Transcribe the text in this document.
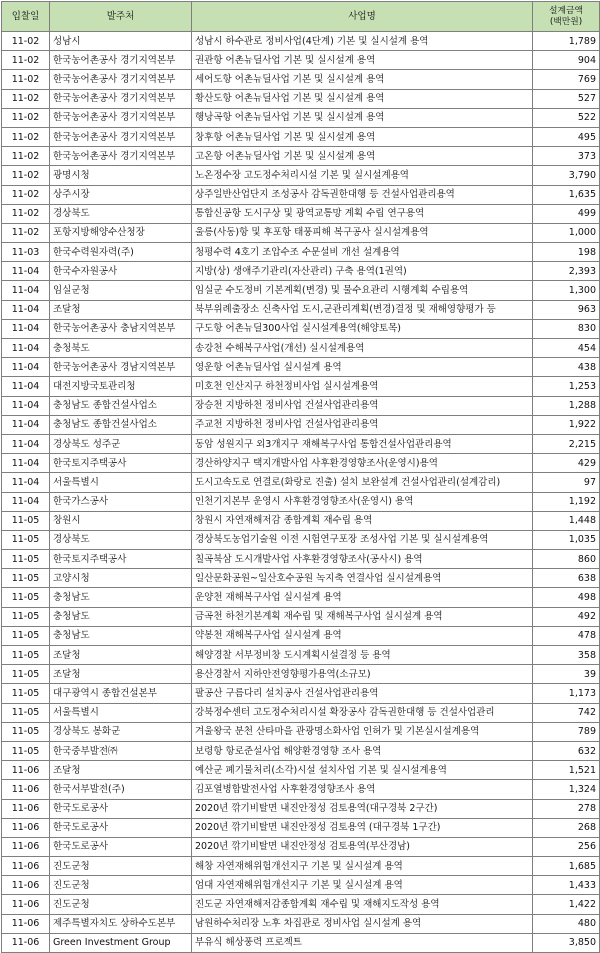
입찰일	발주처	사업명	설계금액
(백만원)
11-02	성남시	성남시 하수관로 정비사업(4단계) 기본 및 실시설계 용역	1,789
11-02	한국농어촌공사 경기지역본부	권관항 어촌뉴딜사업 기본 및 실시설계 용역	904
11-02	한국농어촌공사 경기지역본부	세어도항 어촌뉴딜사업 기본 및 실시설계 용역	769
11-02	한국농어촌공사 경기지역본부	황산도항 어촌뉴딜사업 기본 및 실시설계 용역	527
11-02	한국농어촌공사 경기지역본부	행낭곡항 어촌뉴딜사업 기본 및 실시설계 용역	522
11-02	한국농어촌공사 경기지역본부	창후항 어촌뉴딜사업 기본 및 실시설계 용역	495
11-02	한국농어촌공사 경기지역본부	고온항 어촌뉴딜사업 기본 및 실시설계 용역	373
11-02	광명시청	노온정수장 고도정수처리시설 기본 및 실시설계용역	3,790
11-02	상주시장	상주일반산업단지 조성공사 감독권한대행 등 건설사업관리용역	1,635
11-02	경상북도	통합신공항 도시구상 및 광역교통망 계획 수립 연구용역	499
11-02	포항지방해양수산청장	울릉(사동)항 및 후포항 태풍피해 복구공사 실시설계용역	1,000
11-03	한국수력원자력(주)	청평수력 4호기 조압수조 수문설비 개선 설계용역	198
11-04	한국수자원공사	지방(상) 생애주기관리(자산관리) 구축 용역(1권역)	2,393
11-04	임실군청	임실군 수도정비 기본계획(변경) 및 물수요관리 시행계획 수립용역	1,300
11-04	조달청	북부위례출장소 신축사업 도시,군관리계획(변경)결정 및 재해영향평가 등	963
11-04	한국농어촌공사 충남지역본부	구도항 어촌뉴딜300사업 실시설계용역(해양토목)	830
11-04	충청북도	송강천 수해복구사업(개선) 실시설계용역	454
11-04	한국농어촌공사 경남지역본부	영운항 어촌뉴딜사업 실시설계 용역	438
11-04	대전지방국토관리청	미호천 인산지구 하천정비사업 실시설계용역	1,253
11-04	충청남도 종합건설사업소	장승천 지방하천 정비사업 건설사업관리용역	1,288
11-04	충청남도 종합건설사업소	주교천 지방하천 정비사업 건설사업관리용역	1,922
11-04	경상북도 성주군	동암 성원지구 외3개지구 재해복구사업 통합건설사업관리용역	2,215
11-04	한국토지주택공사	경산하양지구 택지개발사업 사후환경영향조사(운영시)용역	429
11-04	서울특별시	도시고속도로 연결로(화랑로 진출) 설치 보완설계 건설사업관리(설계감리)	97
11-04	한국가스공사	인천기지본부 운영시 사후환경영향조사(운영시) 용역	1,192
11-05	창원시	창원시 자연재해저감 종합계획 재수립 용역	1,448
11-05	경상북도	경상북도농업기술원 이전 시험연구포장 조성사업 기본 및 실시설계용역	1,035
11-05	한국토지주택공사	칠곡북삼 도시개발사업 사후환경영향조사(공사시) 용역	860
11-05	고양시청	일산문화공원~일산호수공원 녹지축 연결사업 실시설계용역	638
11-05	충청남도	운양천 재해복구사업 실시설계 용역	498
11-05	충청남도	금곡천 하천기본계획 재수립 및 재해복구사업 실시설계 용역	492
11-05	충청남도	약봉천 재해복구사업 실시설계 용역	478
11-05	조달청	해양경찰 서부정비창 도시계획시설결정 등 용역	358
11-05	조달청	용산경찰서 지하안전영향평가용역(소규모)	39
11-05	대구광역시 종합건설본부	팔공산 구름다리 설치공사 건설사업관리용역	1,173
11-05	서울특별시	강북정수센터 고도정수처리시설 확장공사 감독권한대행 등 건설사업관리	742
11-05	경상북도 봉화군	겨울왕국 분천 산타마을 관광명소화사업 인허가 및 기본실시설계용역	789
11-05	한국중부발전㈜	보령항 항로준설사업 해양환경영향 조사 용역	632
11-06	조달청	예산군 폐기물처리(소각)시설 설치사업 기본 및 실시설계용역	1,521
11-06	한국서부발전(주)	김포열병합발전사업 사후환경영향조사 용역	1,324
11-06	한국도로공사	2020년 깎기비탈면 내진안정성 검토용역(대구경북 2구간)	278
11-06	한국도로공사	2020년 깎기비탈면 내진안정성 검토용역 (대구경북 1구간)	268
11-06	한국도로공사	2020년 깎기비탈면 내진안정성 검토용역(부산경남)	256
11-06	진도군청	해창 자연재해위험개선지구 기본 및 실시설계 용역	1,685
11-06	진도군청	엄대 자연재해위험개선지구 기본 및 실시설계 용역	1,433
11-06	진도군청	진도군 자연재해저감종합계획 재수립 및 재해지도작성 용역	1,422
11-06	제주특별자치도 상하수도본부	남원하수처리장 노후 차집관로 정비사업 실시설계 용역	480
11-06	Green Investment Group	부유식 해상풍력 프로젝트	3,850
